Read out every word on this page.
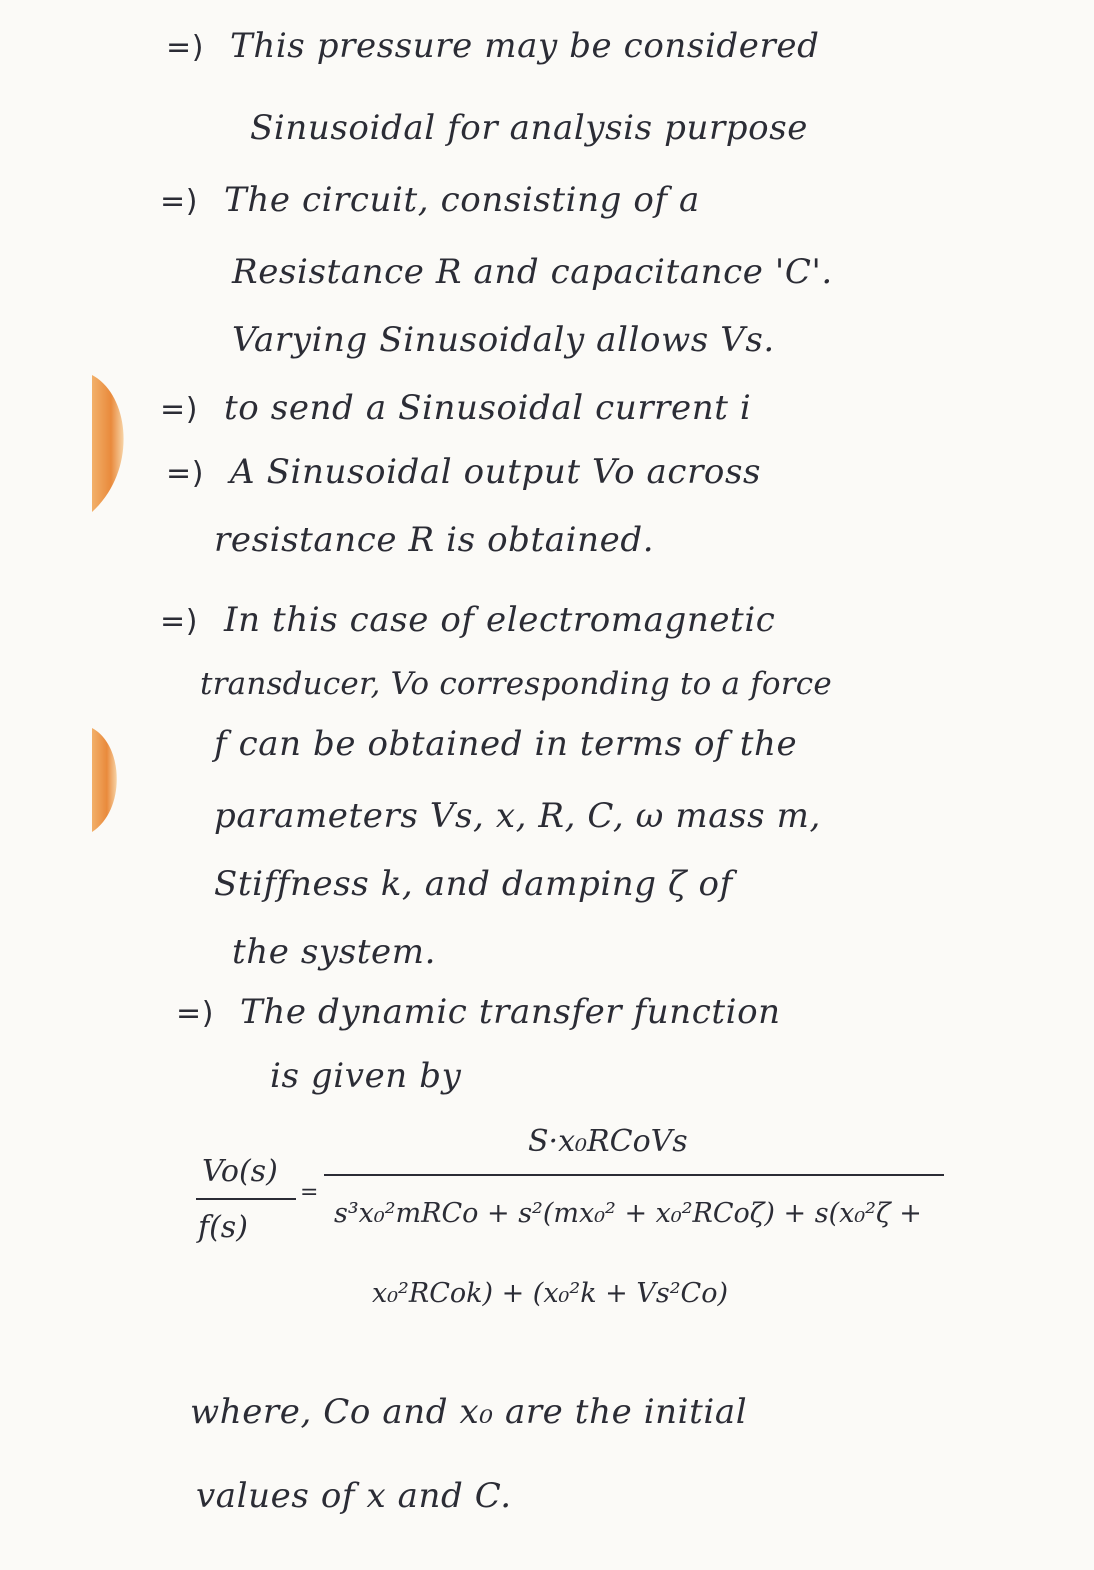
=) This pressure may be considered
Sinusoidal for analysis purpose
=) The circuit, consisting of a
Resistance R and capacitance 'C'.
Varying Sinusoidaly allows Vs.
=) to send a Sinusoidal current i
=) A Sinusoidal output Vo across
resistance R is obtained.
=) In this case of electromagnetic
transducer, Vo corresponding to a force
f can be obtained in terms of the
parameters Vs, x, R, C, ω mass m,
Stiffness k, and damping ζ of
the system.
=) The dynamic transfer function
is given by
Vo(s)
f(s)
=
S·x₀RCoVs
s³x₀²mRCo + s²(mx₀² + x₀²RCoζ) + s(x₀²ζ +
x₀²RCok) + (x₀²k + Vs²Co)
where, Co and x₀ are the initial
values of x and C.
